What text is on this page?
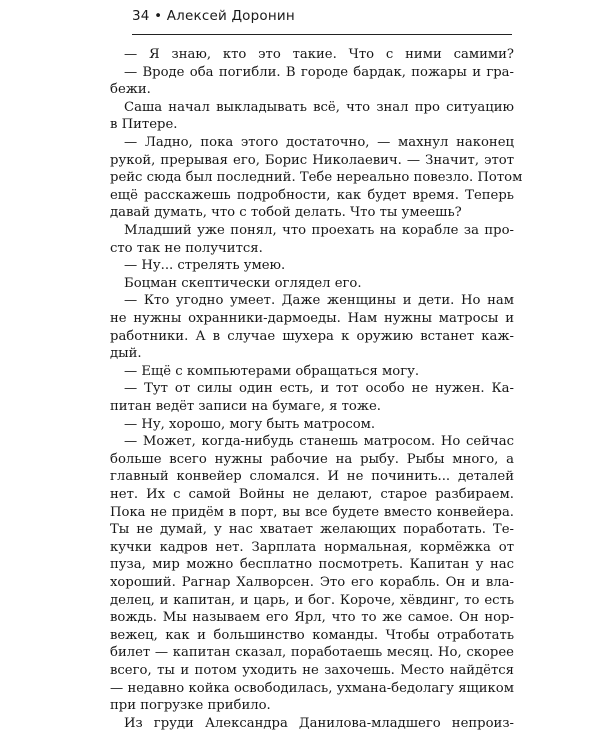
34 • Алексей Доронин
— Я знаю, кто это такие. Что с ними самими?
— Вроде оба погибли. В городе бардак, пожары и гра-
бежи.
Саша начал выкладывать всё, что знал про ситуацию
в Питере.
— Ладно, пока этого достаточно, — махнул наконец
рукой, прерывая его, Борис Николаевич. — Значит, этот
рейс сюда был последний. Тебе нереально повезло. Потом
ещё расскажешь подробности, как будет время. Теперь
давай думать, что с тобой делать. Что ты умеешь?
Младший уже понял, что проехать на корабле за про-
сто так не получится.
— Ну... стрелять умею.
Боцман скептически оглядел его.
— Кто угодно умеет. Даже женщины и дети. Но нам
не нужны охранники-дармоеды. Нам нужны матросы и
работники. А в случае шухера к оружию встанет каж-
дый.
— Ещё с компьютерами обращаться могу.
— Тут от силы один есть, и тот особо не нужен. Ка-
питан ведёт записи на бумаге, я тоже.
— Ну, хорошо, могу быть матросом.
— Может, когда-нибудь станешь матросом. Но сейчас
больше всего нужны рабочие на рыбу. Рыбы много, а
главный конвейер сломался. И не починить... деталей
нет. Их с самой Войны не делают, старое разбираем.
Пока не придём в порт, вы все будете вместо конвейера.
Ты не думай, у нас хватает желающих поработать. Те-
кучки кадров нет. Зарплата нормальная, кормёжка от
пуза, мир можно бесплатно посмотреть. Капитан у нас
хороший. Рагнар Халворсен. Это его корабль. Он и вла-
делец, и капитан, и царь, и бог. Короче, хёвдинг, то есть
вождь. Мы называем его Ярл, что то же самое. Он нор-
вежец, как и большинство команды. Чтобы отработать
билет — капитан сказал, поработаешь месяц. Но, скорее
всего, ты и потом уходить не захочешь. Место найдётся
— недавно койка освободилась, ухмана-бедолагу ящиком
при погрузке прибило.
Из груди Александра Данилова-младшего непроиз-
